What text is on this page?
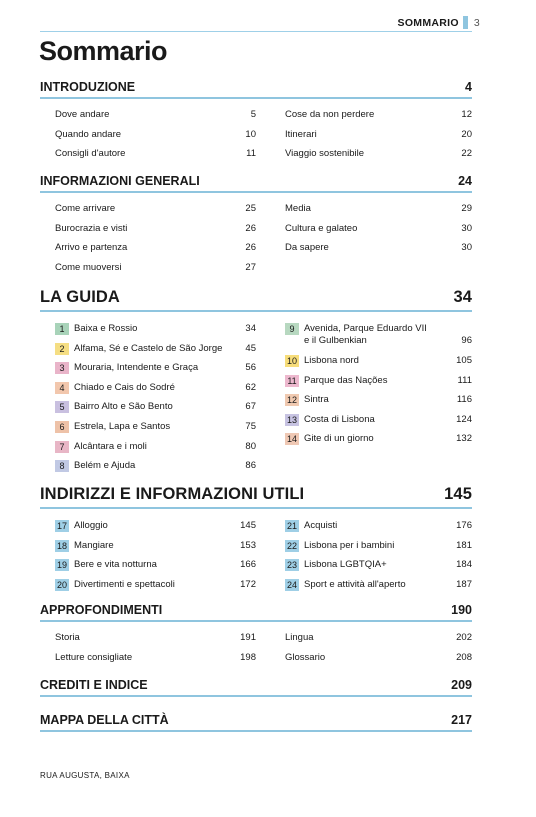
SOMMARIO 3
Sommario
INTRODUZIONE	4
Dove andare	5
Quando andare	10
Consigli d'autore	11
Cose da non perdere	12
Itinerari	20
Viaggio sostenibile	22
INFORMAZIONI GENERALI	24
Come arrivare	25
Burocrazia e visti	26
Arrivo e partenza	26
Come muoversi	27
Media	29
Cultura e galateo	30
Da sapere	30
LA GUIDA	34
1	Baixa e Rossio	34
2	Alfama, Sé e Castelo de São Jorge 45
3	Mouraria, Intendente e Graça	56
4	Chiado e Cais do Sodré	62
5	Bairro Alto e São Bento	67
6	Estrela, Lapa e Santos	75
7	Alcântara e i moli	80
8	Belém e Ajuda	86
9	Avenida, Parque Eduardo VII
e il Gulbenkian	96
10 Lisbona nord	105
11 Parque das Nações	111
12 Sintra	116
13 Costa di Lisbona	124
14 Gite di un giorno	132
INDIRIZZI E INFORMAZIONI UTILI	145
17 Alloggio	145
18 Mangiare	153
19 Bere e vita notturna	166
20 Divertimenti e spettacoli	172
21 Acquisti	176
22 Lisbona per i bambini	181
23 Lisbona LGBTQIA+	184
24 Sport e attività all'aperto	187
APPROFONDIMENTI	190
Storia	191
Letture consigliate	198
Lingua	202
Glossario	208
CREDITI E INDICE	209
MAPPA DELLA CITTÀ	217
RUA AUGUSTA, BAIXA
